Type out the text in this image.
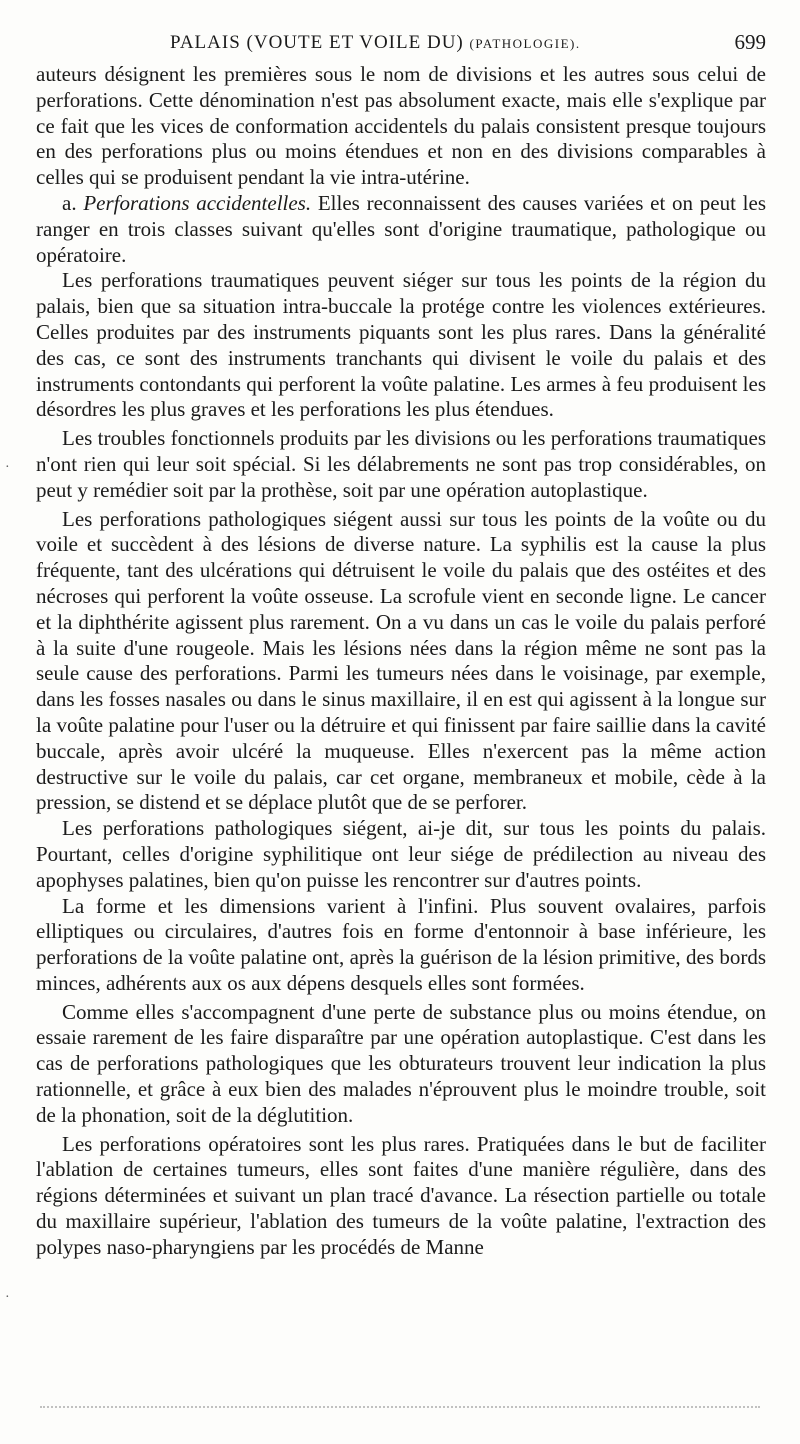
PALAIS (VOUTE ET VOILE DU) (PATHOLOGIE).	699

auteurs désignent les premières sous le nom de divisions et les autres sous celui de perforations. Cette dénomination n'est pas absolument exacte, mais elle s'explique par ce fait que les vices de conformation accidentels du palais consistent presque toujours en des perforations plus ou moins étendues et non en des divisions comparables à celles qui se produisent pendant la vie intra-utérine.

a. Perforations accidentelles. Elles reconnaissent des causes variées et on peut les ranger en trois classes suivant qu'elles sont d'origine traumatique, pathologique ou opératoire.

Les perforations traumatiques peuvent siéger sur tous les points de la région du palais, bien que sa situation intra-buccale la protége contre les violences extérieures. Celles produites par des instruments piquants sont les plus rares. Dans la généralité des cas, ce sont des instruments tranchants qui divisent le voile du palais et des instruments contondants qui perforent la voûte palatine. Les armes à feu produisent les désordres les plus graves et les perforations les plus étendues.

Les troubles fonctionnels produits par les divisions ou les perforations traumatiques n'ont rien qui leur soit spécial. Si les délabrements ne sont pas trop considérables, on peut y remédier soit par la prothèse, soit par une opération autoplastique.

Les perforations pathologiques siégent aussi sur tous les points de la voûte ou du voile et succèdent à des lésions de diverse nature. La syphilis est la cause la plus fréquente, tant des ulcérations qui détruisent le voile du palais que des ostéites et des nécroses qui perforent la voûte osseuse. La scrofule vient en seconde ligne. Le cancer et la diphthérite agissent plus rarement. On a vu dans un cas le voile du palais perforé à la suite d'une rougeole. Mais les lésions nées dans la région même ne sont pas la seule cause des perforations. Parmi les tumeurs nées dans le voisinage, par exemple, dans les fosses nasales ou dans le sinus maxillaire, il en est qui agissent à la longue sur la voûte palatine pour l'user ou la détruire et qui finissent par faire saillie dans la cavité buccale, après avoir ulcéré la muqueuse. Elles n'exercent pas la même action destructive sur le voile du palais, car cet organe, membraneux et mobile, cède à la pression, se distend et se déplace plutôt que de se perforer.

Les perforations pathologiques siégent, ai-je dit, sur tous les points du palais. Pourtant, celles d'origine syphilitique ont leur siége de prédilection au niveau des apophyses palatines, bien qu'on puisse les rencontrer sur d'autres points.

La forme et les dimensions varient à l'infini. Plus souvent ovalaires, parfois elliptiques ou circulaires, d'autres fois en forme d'entonnoir à base inférieure, les perforations de la voûte palatine ont, après la guérison de la lésion primitive, des bords minces, adhérents aux os aux dépens desquels elles sont formées.

Comme elles s'accompagnent d'une perte de substance plus ou moins étendue, on essaie rarement de les faire disparaître par une opération autoplastique. C'est dans les cas de perforations pathologiques que les obturateurs trouvent leur indication la plus rationnelle, et grâce à eux bien des malades n'éprouvent plus le moindre trouble, soit de la phonation, soit de la déglutition.

Les perforations opératoires sont les plus rares. Pratiquées dans le but de faciliter l'ablation de certaines tumeurs, elles sont faites d'une manière régulière, dans des régions déterminées et suivant un plan tracé d'avance. La résection partielle ou totale du maxillaire supérieur, l'ablation des tumeurs de la voûte palatine, l'extraction des polypes naso-pharyngiens par les procédés de Manne

·
·
